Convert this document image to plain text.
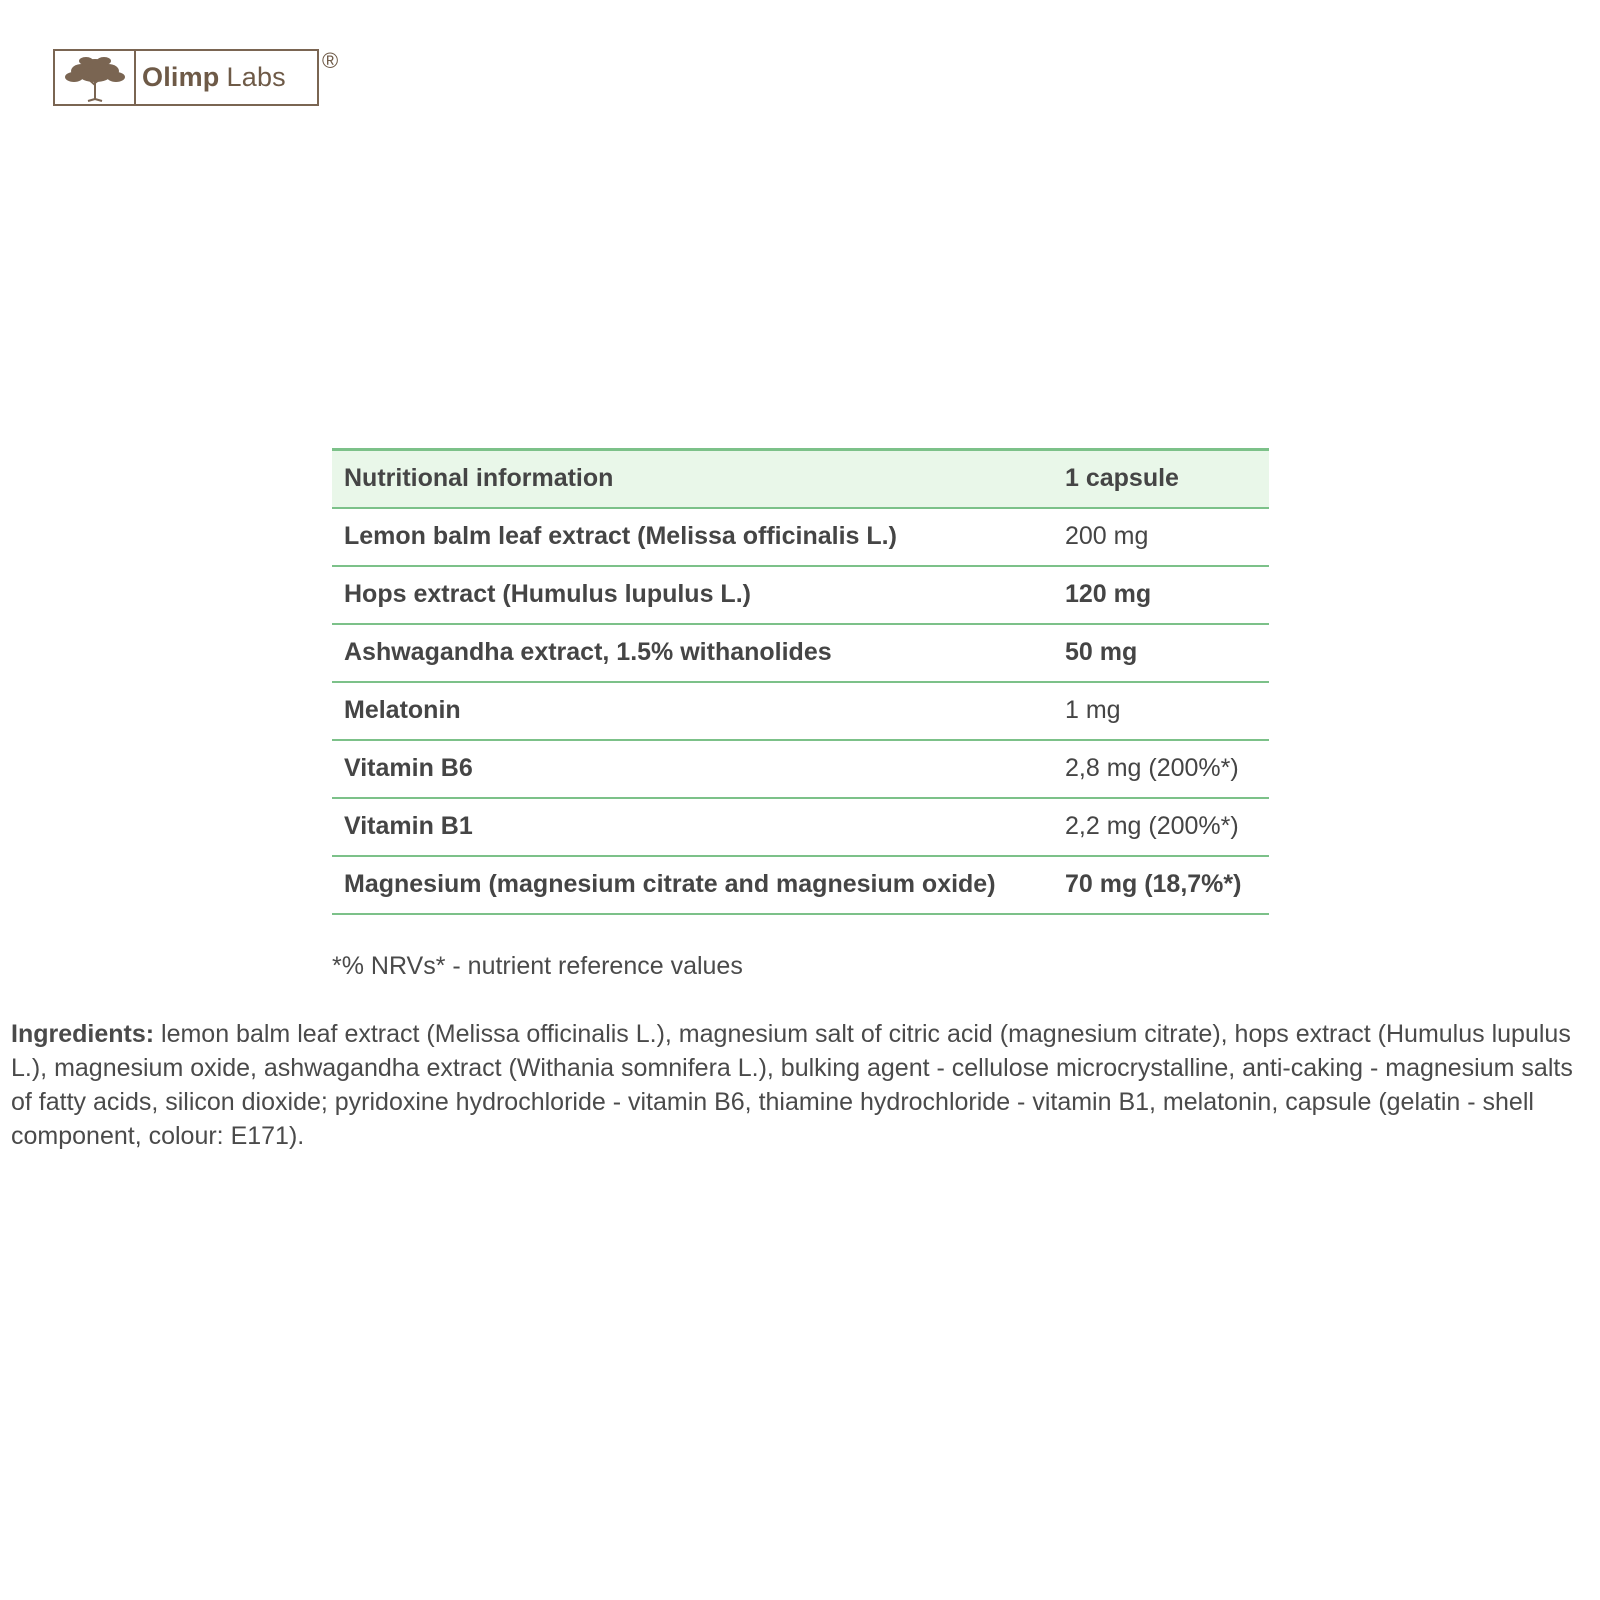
Olimp Labs
®
Nutritional information	1 capsule
Lemon balm leaf extract (Melissa officinalis L.)	200 mg
Hops extract (Humulus lupulus L.)	120 mg
Ashwagandha extract, 1.5% withanolides	50 mg
Melatonin	1 mg
Vitamin B6	2,8 mg (200%*)
Vitamin B1	2,2 mg (200%*)
Magnesium (magnesium citrate and magnesium oxide)	70 mg (18,7%*)
*% NRVs* - nutrient reference values
Ingredients: lemon balm leaf extract (Melissa officinalis L.), magnesium salt of citric acid (magnesium citrate), hops extract (Humulus lupulus L.), magnesium oxide, ashwagandha extract (Withania somnifera L.), bulking agent - cellulose microcrystalline, anti-caking - magnesium salts of fatty acids, silicon dioxide; pyridoxine hydrochloride - vitamin B6, thiamine hydrochloride - vitamin B1, melatonin, capsule (gelatin - shell component, colour: E171).
